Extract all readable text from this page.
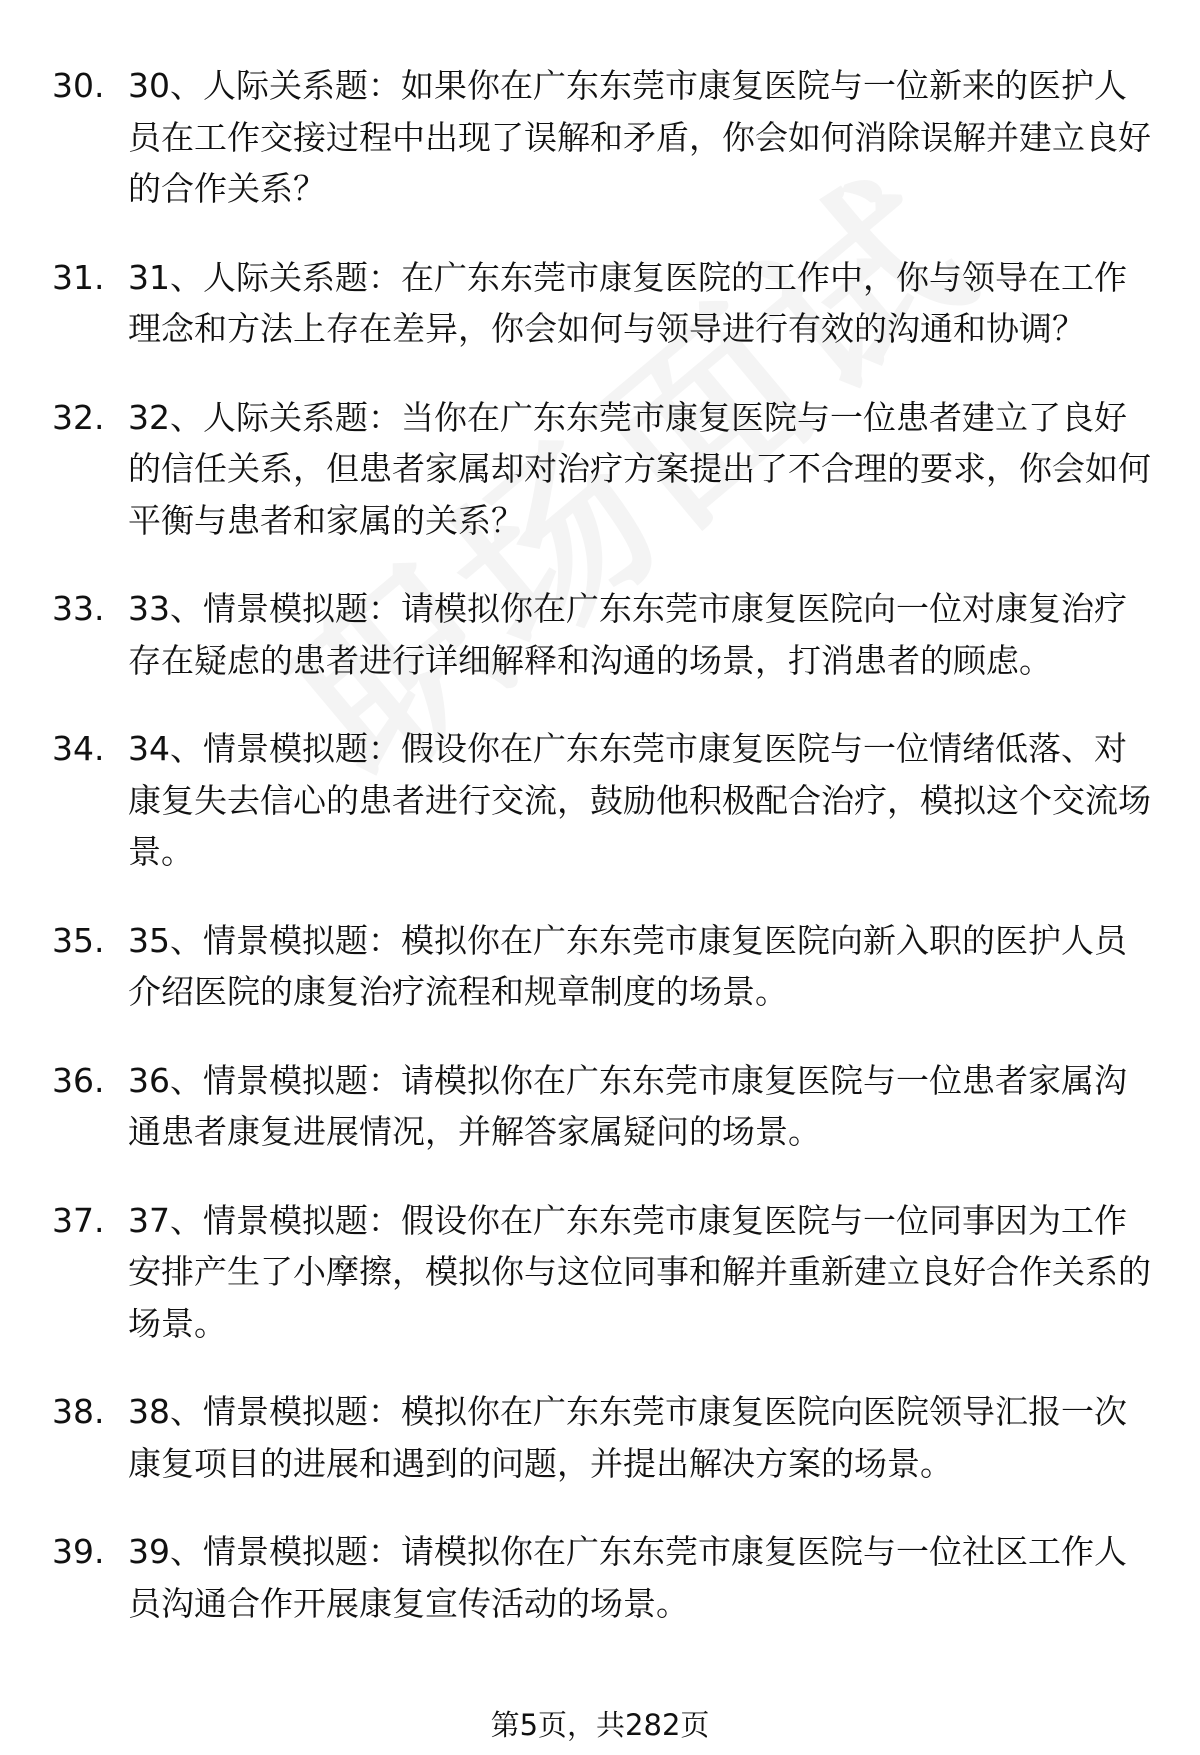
30. 30、人际关系题：如果你在广东东莞市康复医院与一位新来的医护人员在工作交接过程中出现了误解和矛盾，你会如何消除误解并建立良好的合作关系？
31. 31、人际关系题：在广东东莞市康复医院的工作中，你与领导在工作理念和方法上存在差异，你会如何与领导进行有效的沟通和协调？
32. 32、人际关系题：当你在广东东莞市康复医院与一位患者建立了良好的信任关系，但患者家属却对治疗方案提出了不合理的要求，你会如何平衡与患者和家属的关系？
33. 33、情景模拟题：请模拟你在广东东莞市康复医院向一位对康复治疗存在疑虑的患者进行详细解释和沟通的场景，打消患者的顾虑。
34. 34、情景模拟题：假设你在广东东莞市康复医院与一位情绪低落、对康复失去信心的患者进行交流，鼓励他积极配合治疗，模拟这个交流场景。
35. 35、情景模拟题：模拟你在广东东莞市康复医院向新入职的医护人员介绍医院的康复治疗流程和规章制度的场景。
36. 36、情景模拟题：请模拟你在广东东莞市康复医院与一位患者家属沟通患者康复进展情况，并解答家属疑问的场景。
37. 37、情景模拟题：假设你在广东东莞市康复医院与一位同事因为工作安排产生了小摩擦，模拟你与这位同事和解并重新建立良好合作关系的场景。
38. 38、情景模拟题：模拟你在广东东莞市康复医院向医院领导汇报一次康复项目的进展和遇到的问题，并提出解决方案的场景。
39. 39、情景模拟题：请模拟你在广东东莞市康复医院与一位社区工作人员沟通合作开展康复宣传活动的场景。
第5页，共282页
